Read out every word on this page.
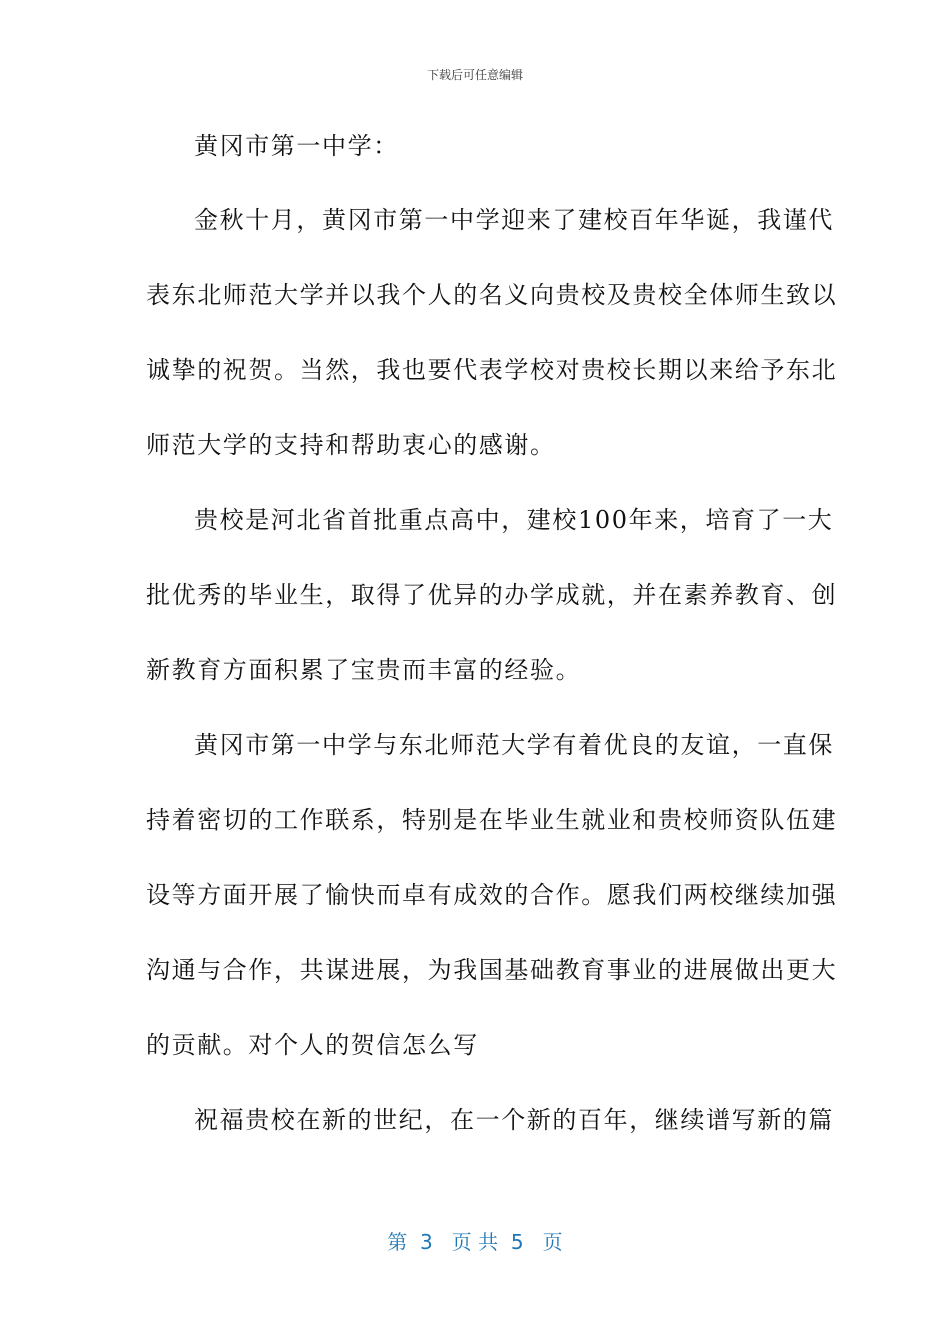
下载后可任意编辑
黄冈市第一中学：
金秋十月，黄冈市第一中学迎来了建校百年华诞，我谨代
表东北师范大学并以我个人的名义向贵校及贵校全体师生致以
诚挚的祝贺。当然，我也要代表学校对贵校长期以来给予东北
师范大学的支持和帮助衷心的感谢。
贵校是河北省首批重点高中，建校100年来，培育了一大
批优秀的毕业生，取得了优异的办学成就，并在素养教育、创
新教育方面积累了宝贵而丰富的经验。
黄冈市第一中学与东北师范大学有着优良的友谊，一直保
持着密切的工作联系，特别是在毕业生就业和贵校师资队伍建
设等方面开展了愉快而卓有成效的合作。愿我们两校继续加强
沟通与合作，共谋进展，为我国基础教育事业的进展做出更大
的贡献。对个人的贺信怎么写
祝福贵校在新的世纪，在一个新的百年，继续谱写新的篇
第  3   页 共  5   页
